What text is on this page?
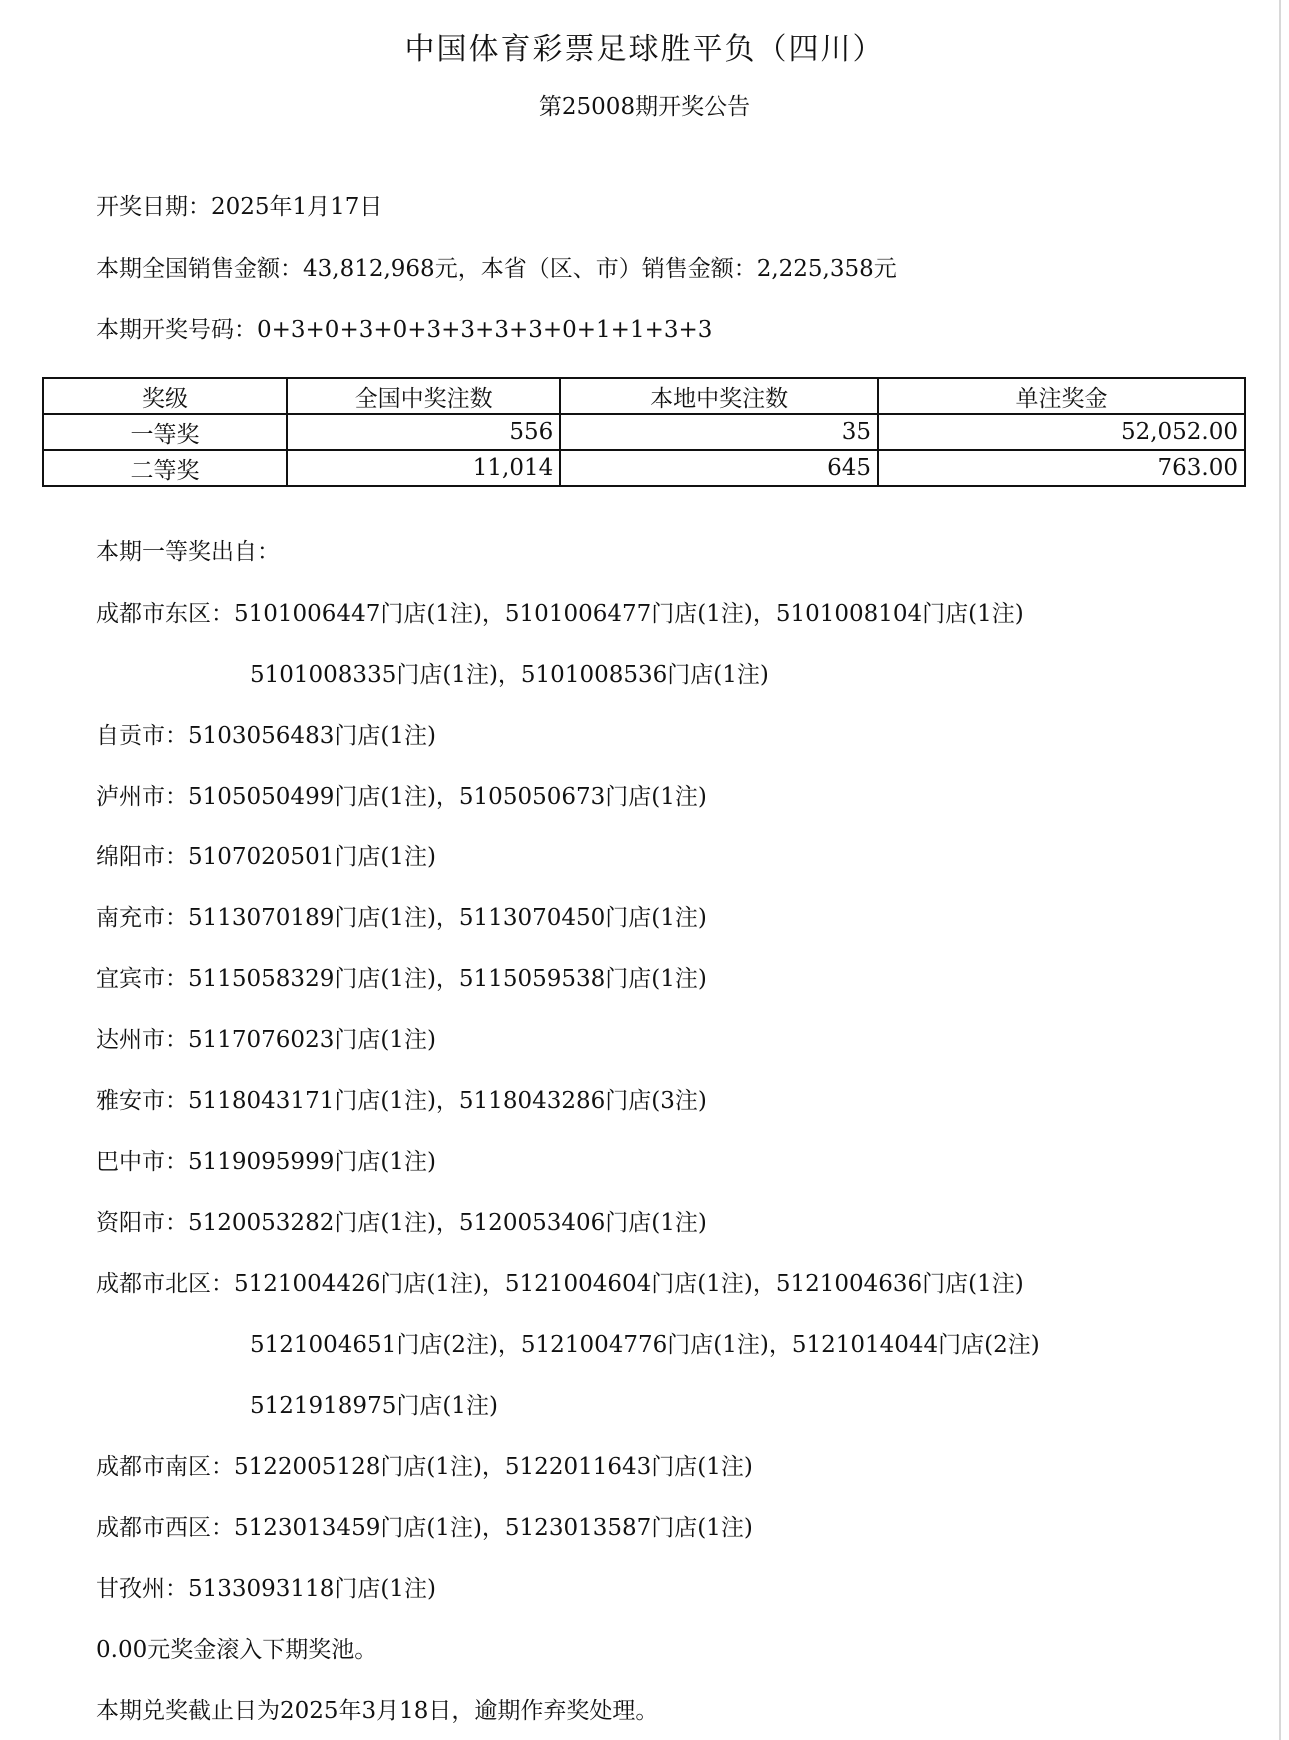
中国体育彩票足球胜平负（四川）
第25008期开奖公告
开奖日期：2025年1月17日
本期全国销售金额：43,812,968元，本省（区、市）销售金额：2,225,358元
本期开奖号码：0+3+0+3+0+3+3+3+3+0+1+1+3+3
奖级	全国中奖注数	本地中奖注数	单注奖金
一等奖	556	35	52,052.00
二等奖	11,014	645	763.00
本期一等奖出自：
成都市东区：5101006447门店(1注)，5101006477门店(1注)，5101008104门店(1注)
5101008335门店(1注)，5101008536门店(1注)
自贡市：5103056483门店(1注)
泸州市：5105050499门店(1注)，5105050673门店(1注)
绵阳市：5107020501门店(1注)
南充市：5113070189门店(1注)，5113070450门店(1注)
宜宾市：5115058329门店(1注)，5115059538门店(1注)
达州市：5117076023门店(1注)
雅安市：5118043171门店(1注)，5118043286门店(3注)
巴中市：5119095999门店(1注)
资阳市：5120053282门店(1注)，5120053406门店(1注)
成都市北区：5121004426门店(1注)，5121004604门店(1注)，5121004636门店(1注)
5121004651门店(2注)，5121004776门店(1注)，5121014044门店(2注)
5121918975门店(1注)
成都市南区：5122005128门店(1注)，5122011643门店(1注)
成都市西区：5123013459门店(1注)，5123013587门店(1注)
甘孜州：5133093118门店(1注)
0.00元奖金滚入下期奖池。
本期兑奖截止日为2025年3月18日，逾期作弃奖处理。
